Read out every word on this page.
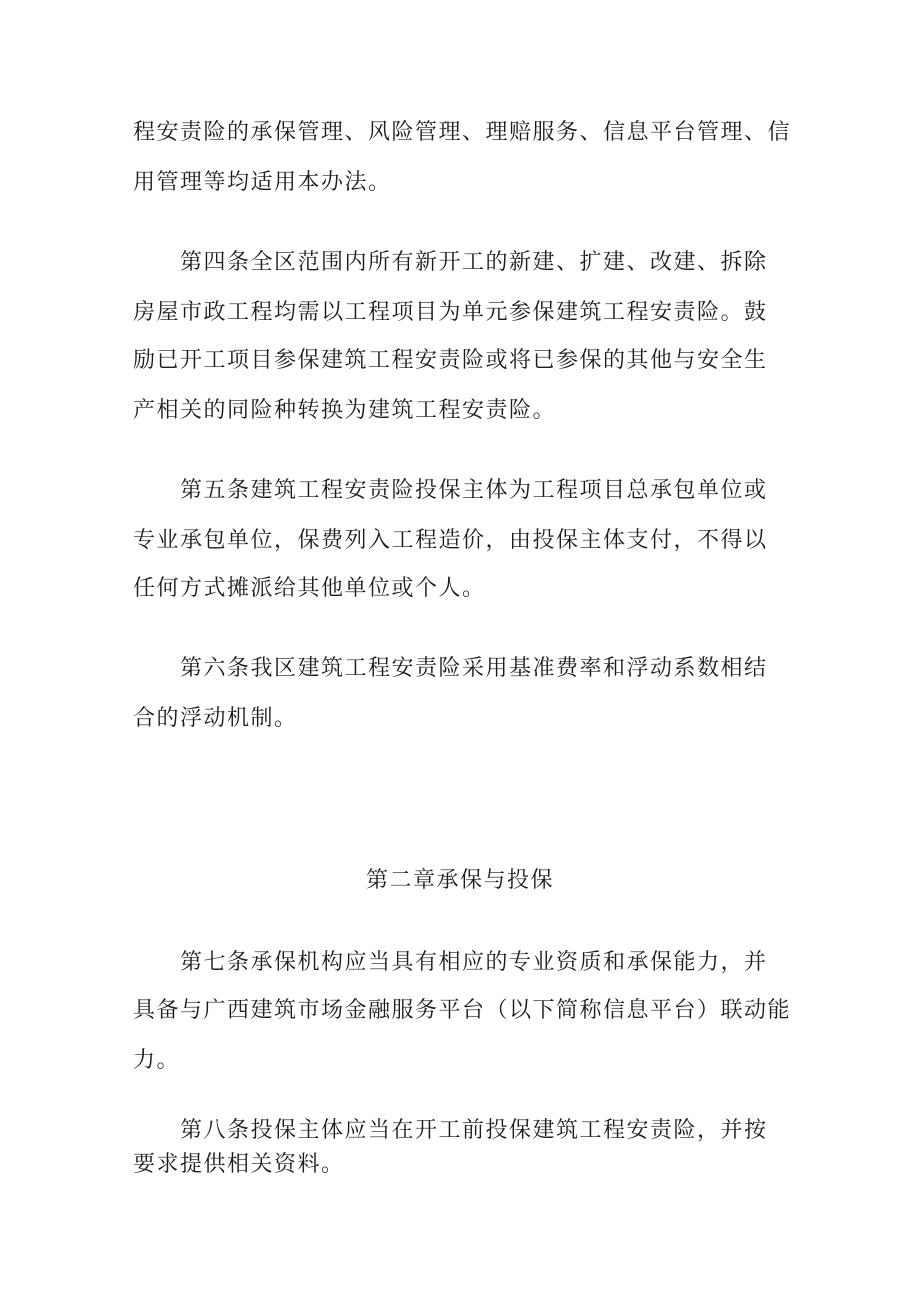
程安责险的承保管理、风险管理、理赔服务、信息平台管理、信
用管理等均适用本办法。
　　第四条全区范围内所有新开工的新建、扩建、改建、拆除
房屋市政工程均需以工程项目为单元参保建筑工程安责险。鼓
励已开工项目参保建筑工程安责险或将已参保的其他与安全生
产相关的同险种转换为建筑工程安责险。
　　第五条建筑工程安责险投保主体为工程项目总承包单位或
专业承包单位，保费列入工程造价，由投保主体支付，不得以
任何方式摊派给其他单位或个人。
　　第六条我区建筑工程安责险采用基准费率和浮动系数相结
合的浮动机制。
第二章承保与投保
　　第七条承保机构应当具有相应的专业资质和承保能力，并
具备与广西建筑市场金融服务平台（以下简称信息平台）联动能
力。
　　第八条投保主体应当在开工前投保建筑工程安责险，并按
要求提供相关资料。
